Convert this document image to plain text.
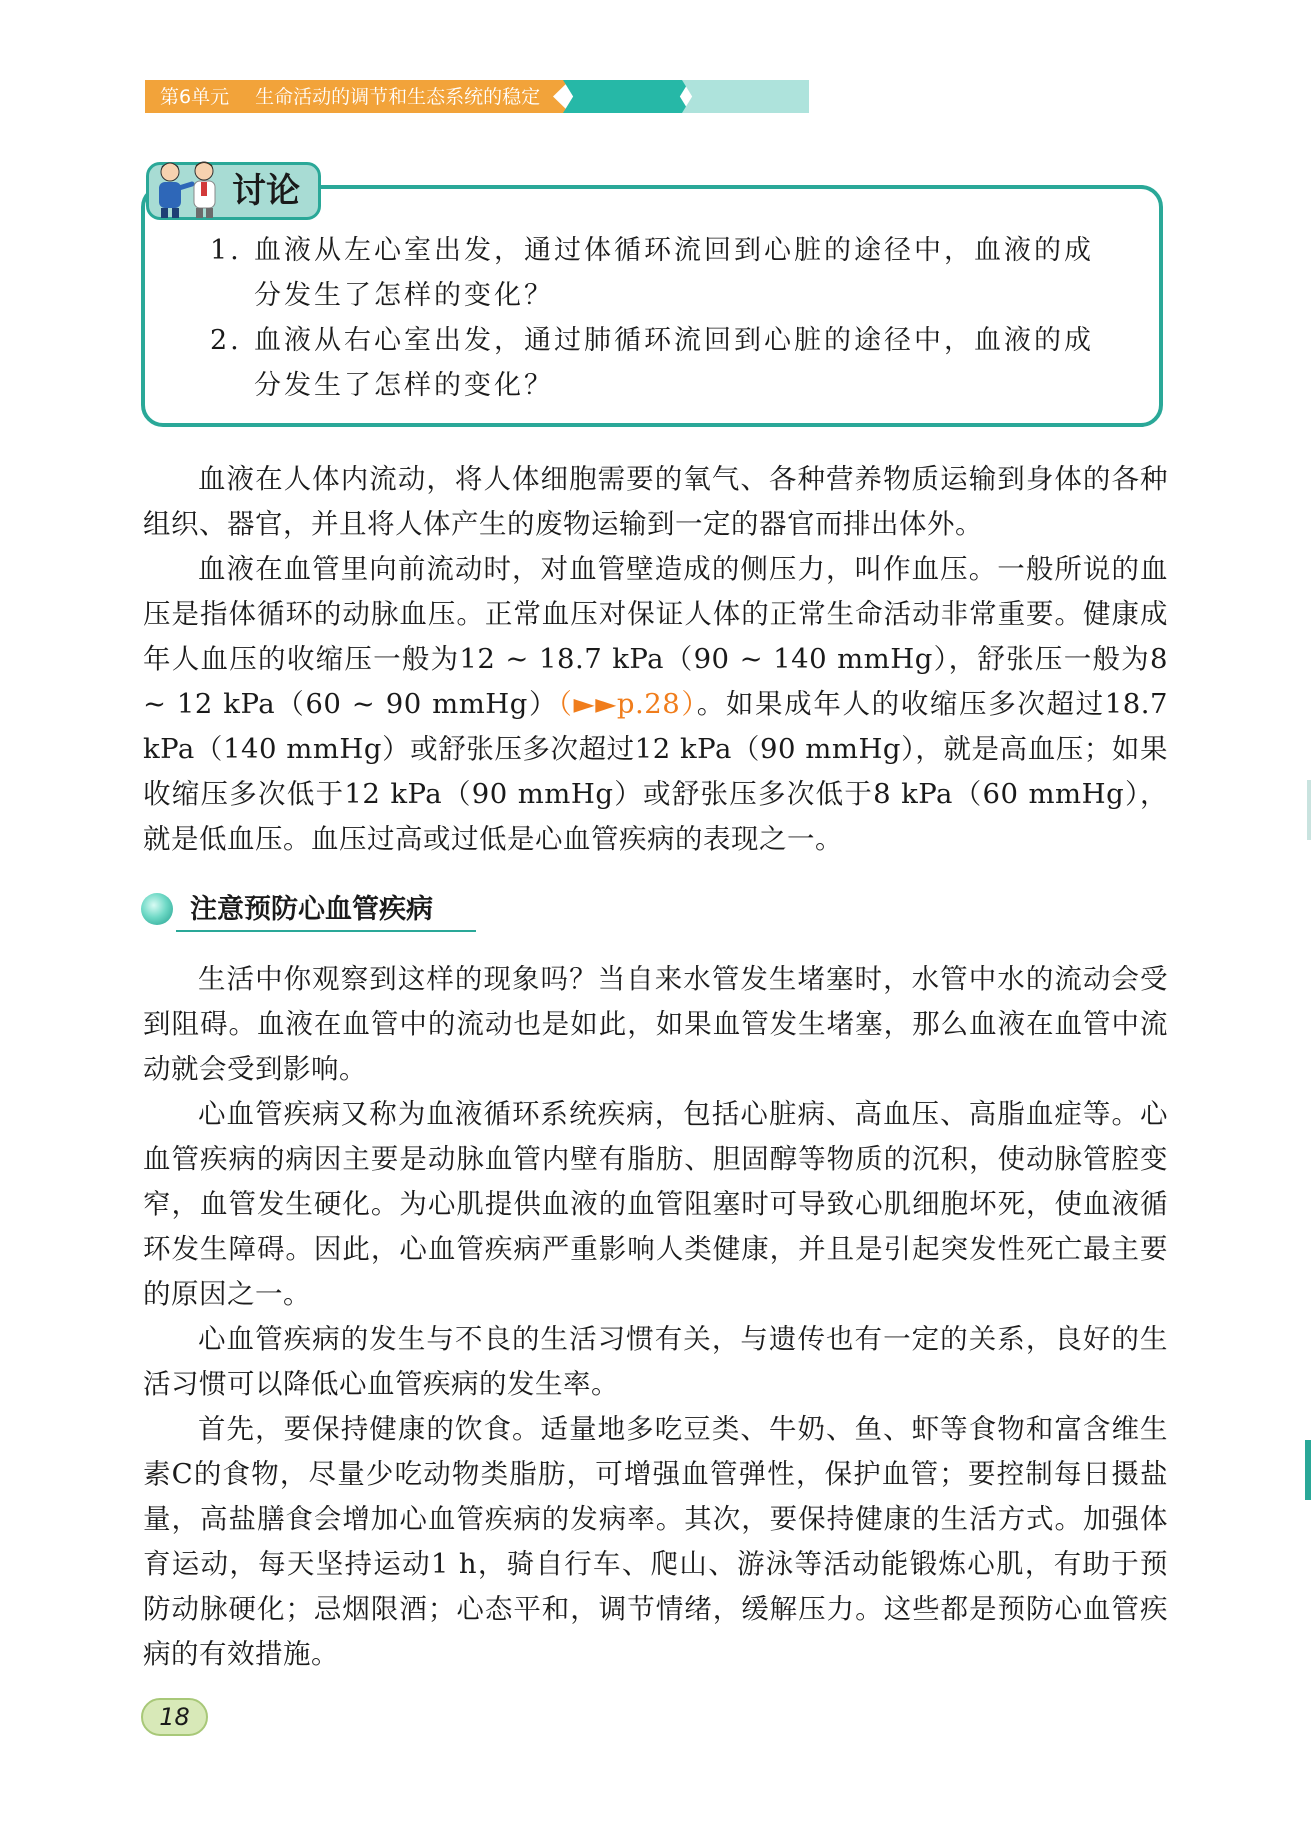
第6单元 生命活动的调节和生态系统的稳定
讨论
1. 血液从左心室出发，通过体循环流回到心脏的途径中，血液的成
分发生了怎样的变化？
2. 血液从右心室出发，通过肺循环流回到心脏的途径中，血液的成
分发生了怎样的变化？

血液在人体内流动，将人体细胞需要的氧气、各种营养物质运输到身体的各种组织、器官，并且将人体产生的废物运输到一定的器官而排出体外。

血液在血管里向前流动时，对血管壁造成的侧压力，叫作血压。一般所说的血压是指体循环的动脉血压。正常血压对保证人体的正常生命活动非常重要。健康成年人血压的收缩压一般为12 ~ 18.7 kPa（90 ~ 140 mmHg），舒张压一般为8 ~ 12 kPa（60 ~ 90 mmHg）（►►p.28）。如果成年人的收缩压多次超过18.7 kPa（140 mmHg）或舒张压多次超过12 kPa（90 mmHg），就是高血压；如果收缩压多次低于12 kPa（90 mmHg）或舒张压多次低于8 kPa（60 mmHg），就是低血压。血压过高或过低是心血管疾病的表现之一。

注意预防心血管疾病

生活中你观察到这样的现象吗？当自来水管发生堵塞时，水管中水的流动会受到阻碍。血液在血管中的流动也是如此，如果血管发生堵塞，那么血液在血管中流动就会受到影响。

心血管疾病又称为血液循环系统疾病，包括心脏病、高血压、高脂血症等。心血管疾病的病因主要是动脉血管内壁有脂肪、胆固醇等物质的沉积，使动脉管腔变窄，血管发生硬化。为心肌提供血液的血管阻塞时可导致心肌细胞坏死，使血液循环发生障碍。因此，心血管疾病严重影响人类健康，并且是引起突发性死亡最主要的原因之一。

心血管疾病的发生与不良的生活习惯有关，与遗传也有一定的关系，良好的生活习惯可以降低心血管疾病的发生率。

首先，要保持健康的饮食。适量地多吃豆类、牛奶、鱼、虾等食物和富含维生素C的食物，尽量少吃动物类脂肪，可增强血管弹性，保护血管；要控制每日摄盐量，高盐膳食会增加心血管疾病的发病率。其次，要保持健康的生活方式。加强体育运动，每天坚持运动1 h，骑自行车、爬山、游泳等活动能锻炼心肌，有助于预防动脉硬化；忌烟限酒；心态平和，调节情绪，缓解压力。这些都是预防心血管疾病的有效措施。

18
